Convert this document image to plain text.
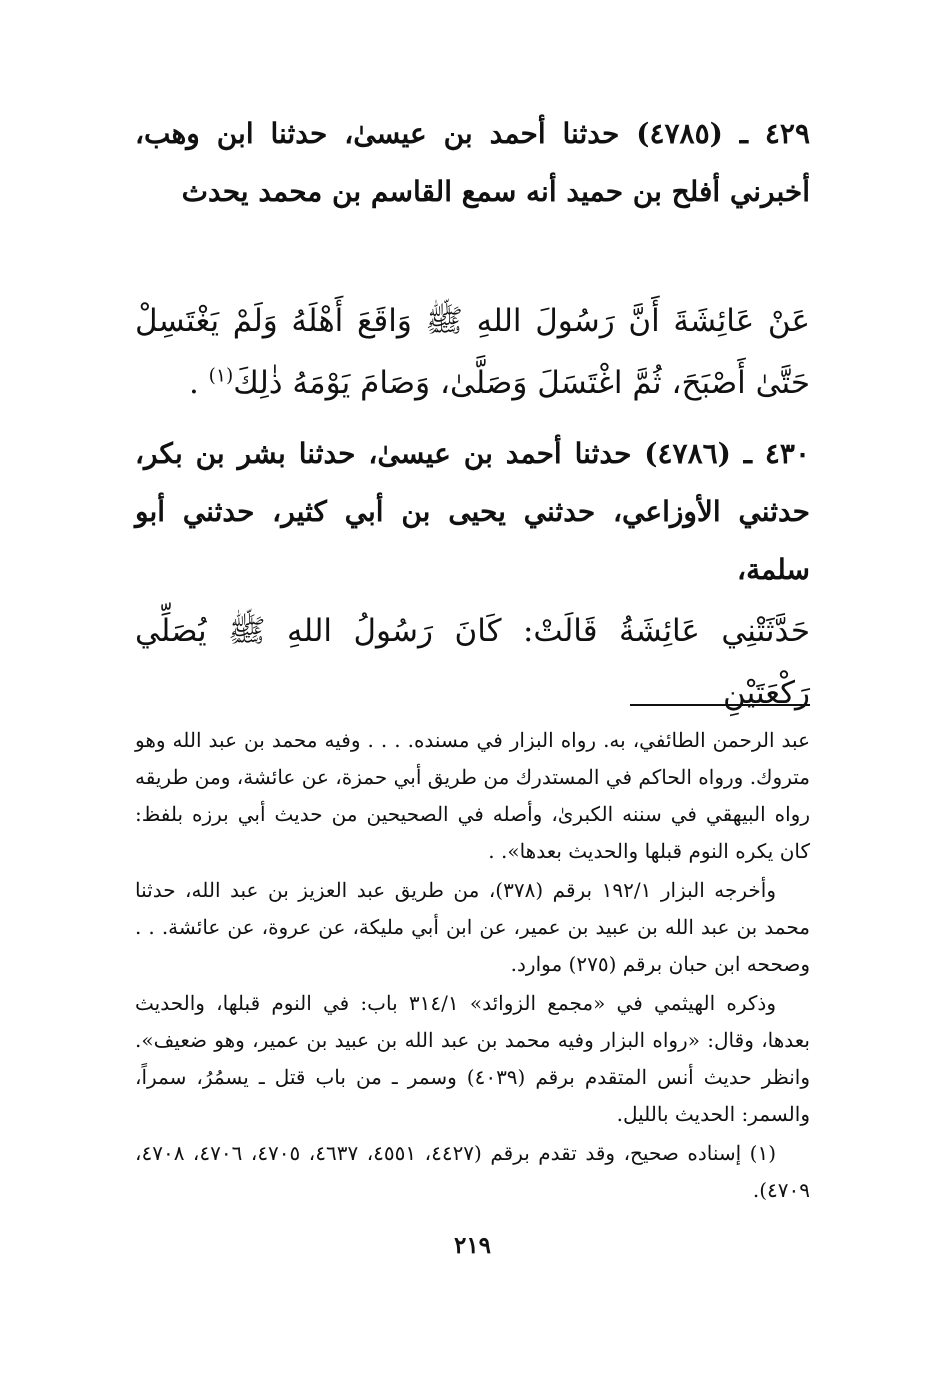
٤٢٩ ـ (٤٧٨٥) حدثنا أحمد بن عيسىٰ، حدثنا ابن وهب، أخبرني أفلح بن حميد أنه سمع القاسم بن محمد يحدث
عَنْ عَائِشَةَ أَنَّ رَسُولَ اللهِ ﷺ وَاقَعَ أَهْلَهُ وَلَمْ يَغْتَسِلْ حَتَّىٰ أَصْبَحَ، ثُمَّ اغْتَسَلَ وَصَلَّىٰ، وَصَامَ يَوْمَهُ ذٰلِكَ$^{(١)}$ .
٤٣٠ ـ (٤٧٨٦) حدثنا أحمد بن عيسىٰ، حدثنا بشر بن بكر، حدثني الأوزاعي، حدثني يحيى بن أبي كثير، حدثني أبو سلمة،
حَدَّثَتْنِي عَائِشَةُ قَالَتْ: كَانَ رَسُولُ اللهِ ﷺ يُصَلِّي رَكْعَتَيْنِ

عبد الرحمن الطائفي، به. رواه البزار في مسنده. . . . وفيه محمد بن عبد الله وهو متروك. ورواه الحاكم في المستدرك من طريق أبي حمزة، عن عائشة، ومن طريقه رواه البيهقي في سننه الكبرىٰ، وأصله في الصحيحين من حديث أبي برزه بلفظ: كان يكره النوم قبلها والحديث بعدها». .

وأخرجه البزار ١٩٢/١ برقم (٣٧٨)، من طريق عبد العزيز بن عبد الله، حدثنا محمد بن عبد الله بن عبيد بن عمير، عن ابن أبي مليكة، عن عروة، عن عائشة. . . وصححه ابن حبان برقم (٢٧٥) موارد.

وذكره الهيثمي في «مجمع الزوائد» ٣١٤/١ باب: في النوم قبلها، والحديث بعدها، وقال: «رواه البزار وفيه محمد بن عبد الله بن عبيد بن عمير، وهو ضعيف». وانظر حديث أنس المتقدم برقم (٤٠٣٩) وسمر ـ من باب قتل ـ يسمُرُ، سمراً، والسمر: الحديث بالليل.

(١) إسناده صحيح، وقد تقدم برقم (٤٤٢٧، ٤٥٥١، ٤٦٣٧، ٤٧٠٥، ٤٧٠٦، ٤٧٠٨، ٤٧٠٩).

٢١٩
